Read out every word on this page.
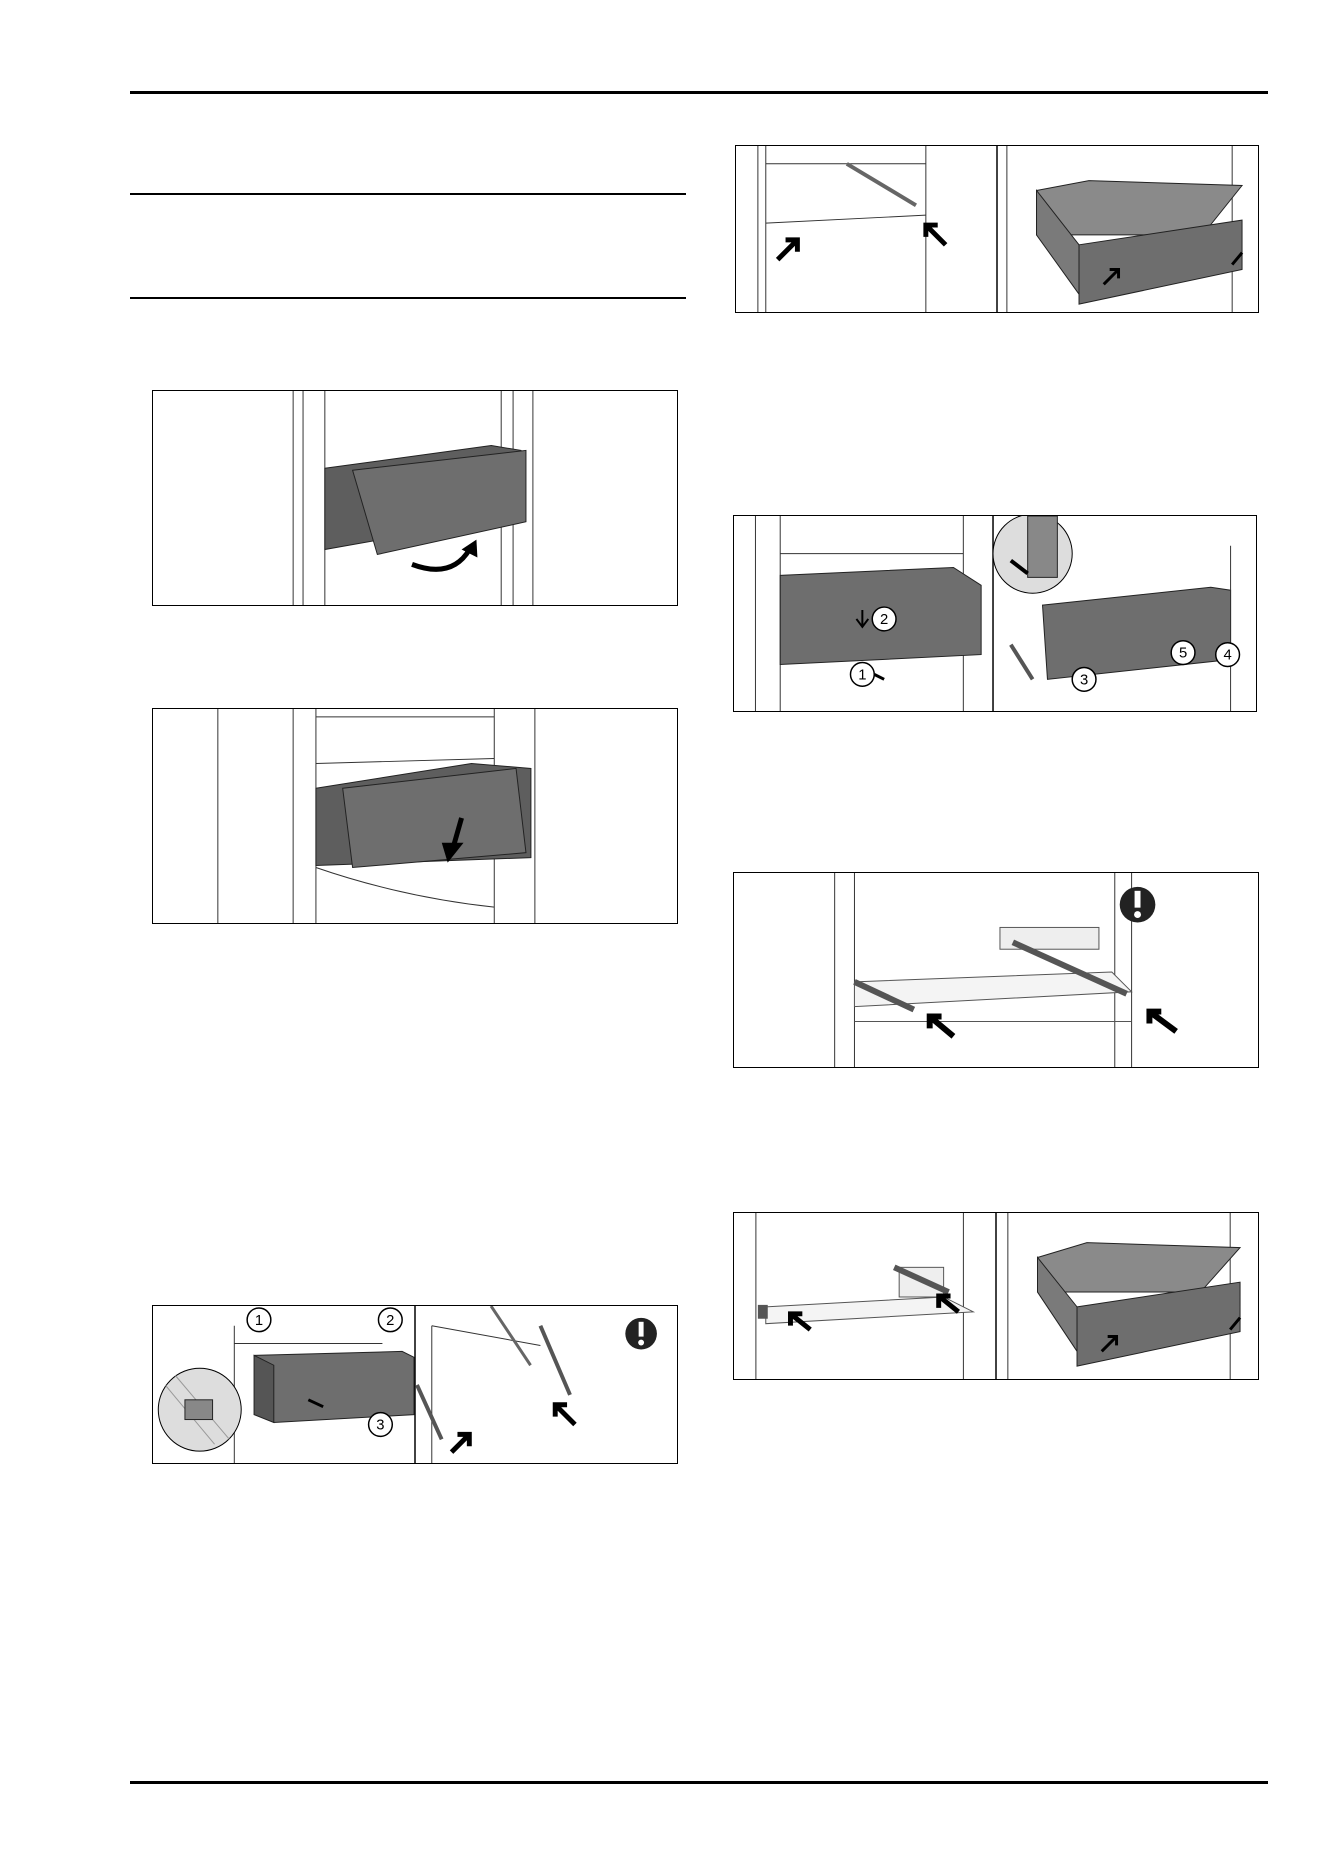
1	2
3
1
2
3
4
5
